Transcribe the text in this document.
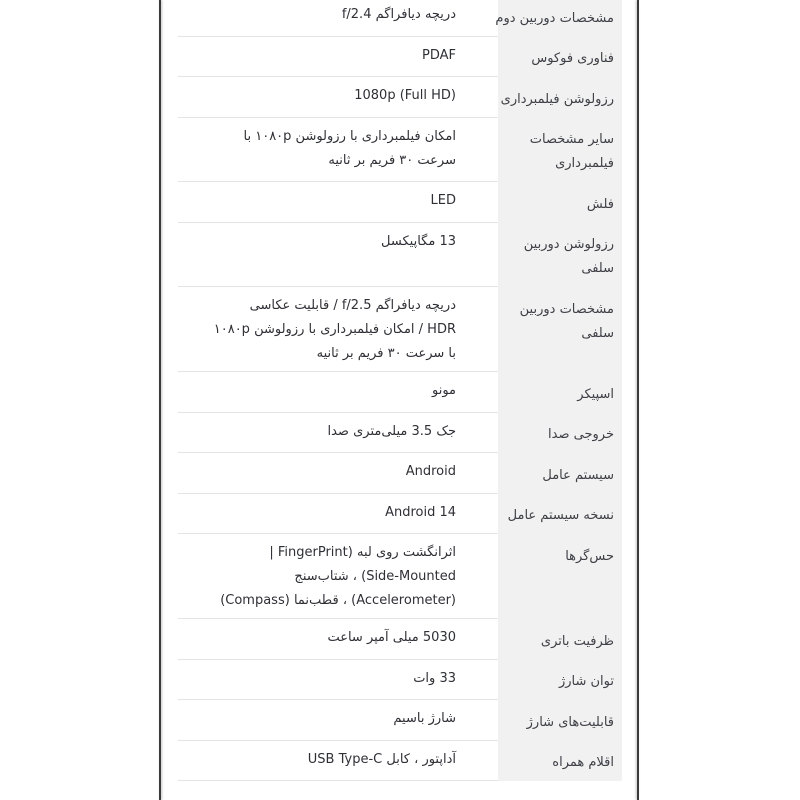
مشخصات دوربین دوم
دریچه دیافراگم f/2.4
فناوری فوکوس
PDAF
رزولوشن فیلمبرداری
1080p (Full HD)
سایر مشخصات
فیلمبرداری
امکان فیلمبرداری با رزولوشن ۱۰۸۰p با
سرعت ۳۰ فریم بر ثانیه
فلش
LED
رزولوشن دوربین
سلفی
13 مگاپیکسل
مشخصات دوربین
سلفی
دریچه دیافراگم f/2.5 / قابلیت عکاسی
HDR / امکان فیلمبرداری با رزولوشن ۱۰۸۰p
با سرعت ۳۰ فریم بر ثانیه
اسپیکر
مونو
خروجی صدا
جک 3.5 میلی‌متری صدا
سیستم عامل
Android
نسخه سیستم عامل
Android 14
حس‌گرها
اثرانگشت روی لبه (FingerPrint |
Side-Mounted) ، شتاب‌سنج
(Accelerometer) ، قطب‌نما (Compass)
ظرفیت باتری
5030 میلی آمپر ساعت
توان شارژ
33 وات
قابلیت‌های شارژ
شارژ باسیم
اقلام همراه
آداپتور ، کابل USB Type-C
